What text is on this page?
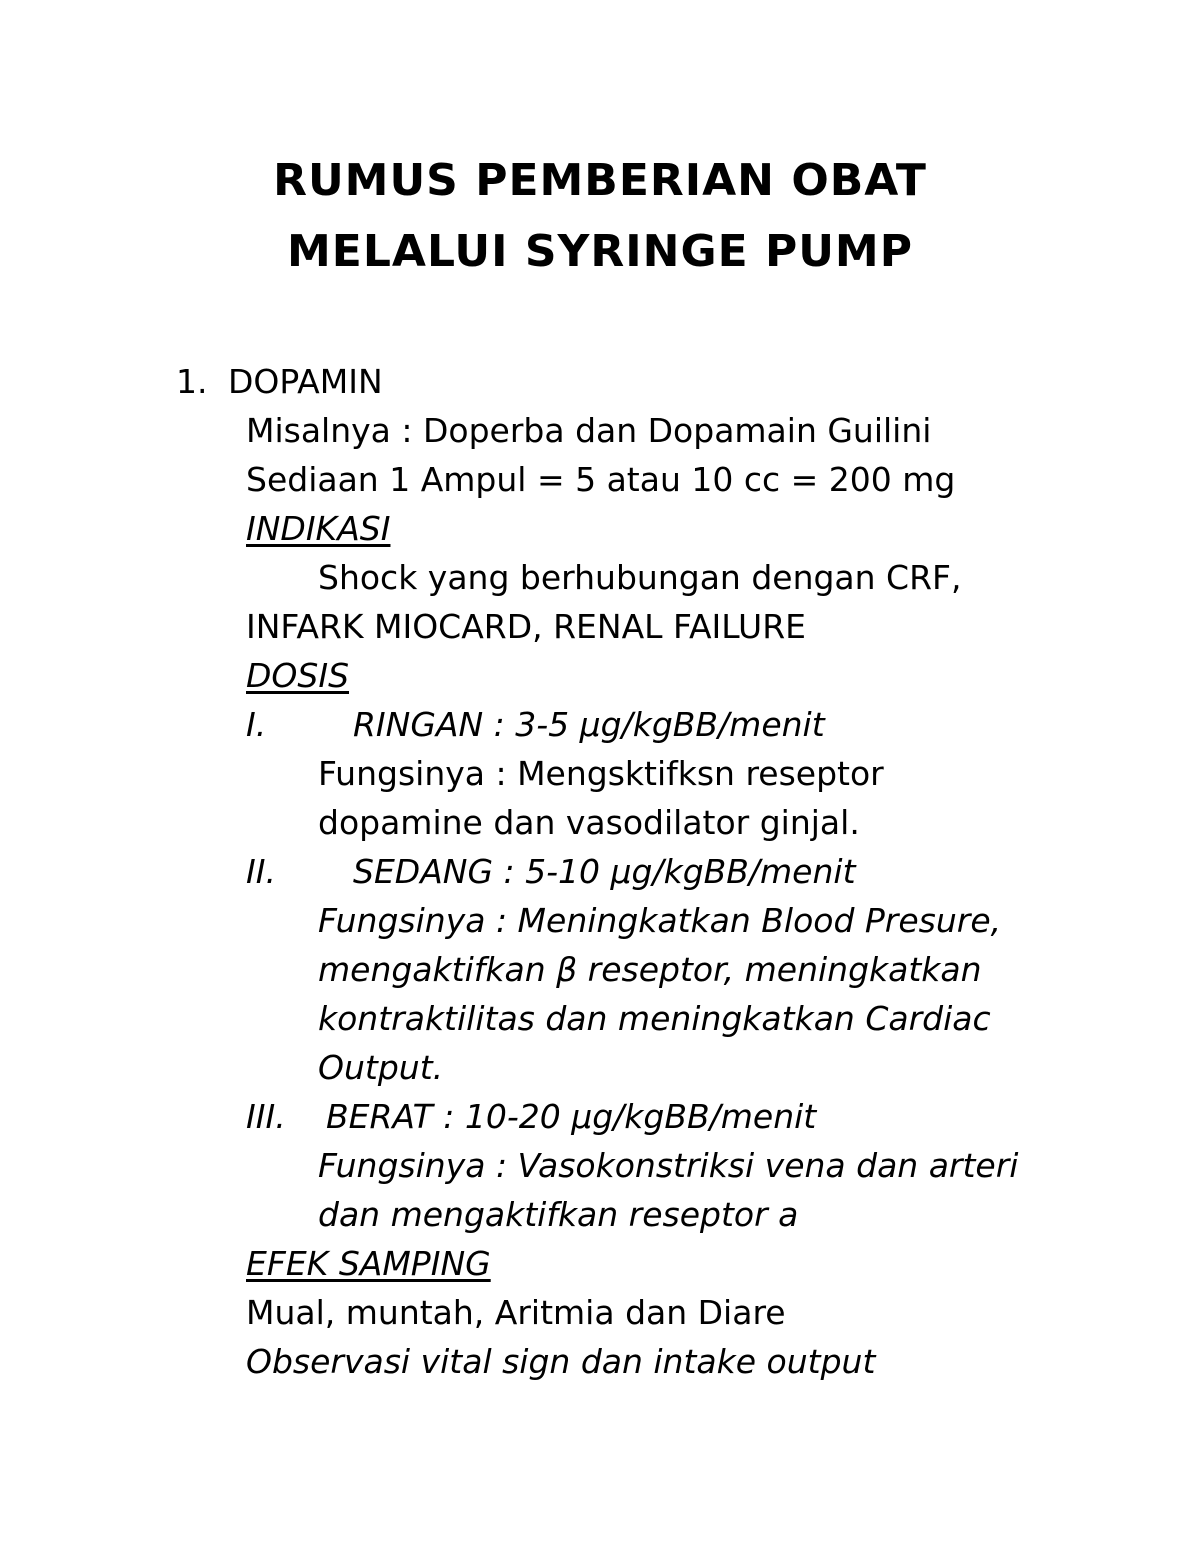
RUMUS PEMBERIAN OBAT
MELALUI SYRINGE PUMP
1. DOPAMIN
Misalnya : Doperba dan Dopamain Guilini
Sediaan 1 Ampul = 5 atau 10 cc = 200 mg
INDIKASI
Shock yang berhubungan dengan CRF,
INFARK MIOCARD, RENAL FAILURE
DOSIS
I.	RINGAN : 3-5 µg/kgBB/menit
Fungsinya : Mengsktifksn reseptor
dopamine dan vasodilator ginjal.
II. SEDANG : 5-10 µg/kgBB/menit
Fungsinya : Meningkatkan Blood Presure,
mengaktifkan β reseptor, meningkatkan
kontraktilitas dan meningkatkan Cardiac
Output.
III. BERAT : 10-20 µg/kgBB/menit
Fungsinya : Vasokonstriksi vena dan arteri
dan mengaktifkan reseptor a
EFEK SAMPING
Mual, muntah, Aritmia dan Diare
Observasi vital sign dan intake output
